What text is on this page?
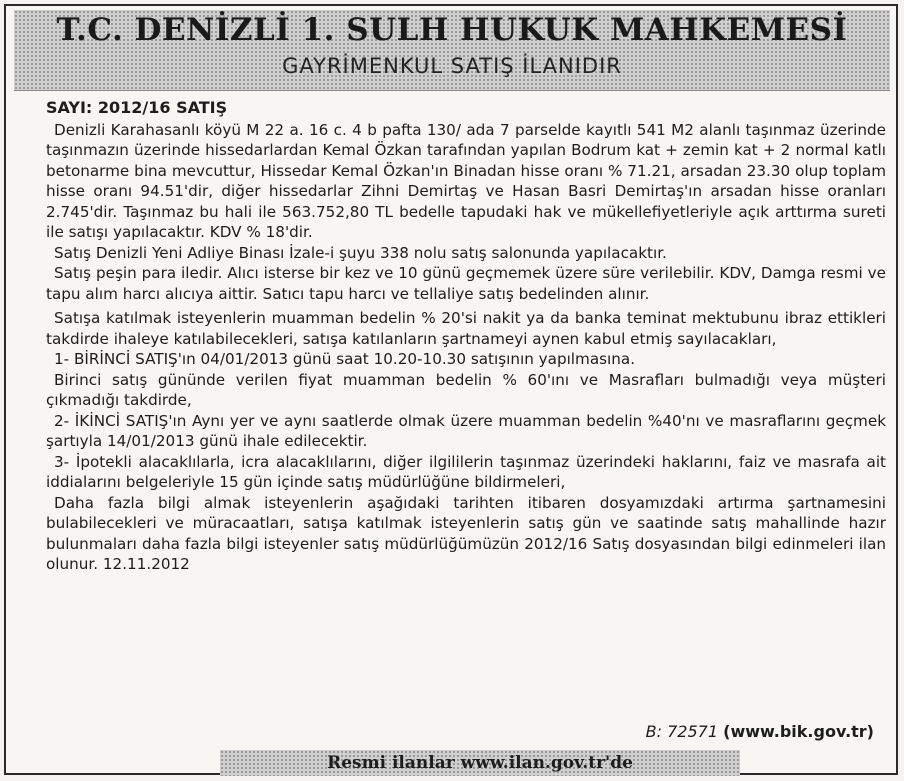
T.C. DENİZLİ 1. SULH HUKUK MAHKEMESİ
GAYRİMENKUL SATIŞ İLANIDIR
SAYI: 2012/16 SATIŞ

Denizli Karahasanlı köyü M 22 a. 16 c. 4 b pafta 130/ ada 7 parselde kayıtlı 541 M2 alanlı taşınmaz üzerinde taşınmazın üzerinde hissedarlardan Kemal Özkan tarafından yapılan Bodrum kat + zemin kat + 2 normal katlı betonarme bina mevcuttur, Hissedar Kemal Özkan'ın Binadan hisse oranı % 71.21, arsadan 23.30 olup toplam hisse oranı 94.51'dir, diğer hissedarlar Zihni Demirtaş ve Hasan Basri Demirtaş'ın arsadan hisse oranları 2.745'dir. Taşınmaz bu hali ile 563.752,80 TL bedelle tapudaki hak ve mükellefiyetleriyle açık arttırma sureti ile satışı yapılacaktır. KDV % 18'dir.

Satış Denizli Yeni Adliye Binası İzale-i şuyu 338 nolu satış salonunda yapılacaktır.

Satış peşin para iledir. Alıcı isterse bir kez ve 10 günü geçmemek üzere süre verilebilir. KDV, Damga resmi ve tapu alım harcı alıcıya aittir. Satıcı tapu harcı ve tellaliye satış bedelinden alınır.

Satışa katılmak isteyenlerin muamman bedelin % 20'si nakit ya da banka teminat mektubunu ibraz ettikleri takdirde ihaleye katılabilecekleri, satışa katılanların şartnameyi aynen kabul etmiş sayılacakları,

1- BİRİNCİ SATIŞ'ın 04/01/2013 günü saat 10.20-10.30 satışının yapılmasına.

Birinci satış gününde verilen fiyat muamman bedelin % 60'ını ve Masrafları bulmadığı veya müşteri çıkmadığı takdirde,

2- İKİNCİ SATIŞ'ın Aynı yer ve aynı saatlerde olmak üzere muamman bedelin %40'nı ve masraflarını geçmek şartıyla 14/01/2013 günü ihale edilecektir.

3- İpotekli alacaklılarla, icra alacaklılarını, diğer ilgililerin taşınmaz üzerindeki haklarını, faiz ve masrafa ait iddialarını belgeleriyle 15 gün içinde satış müdürlüğüne bildirmeleri,

Daha fazla bilgi almak isteyenlerin aşağıdaki tarihten itibaren dosyamızdaki artırma şartnamesini bulabilecekleri ve müracaatları, satışa katılmak isteyenlerin satış gün ve saatinde satış mahallinde hazır bulunmaları daha fazla bilgi isteyenler satış müdürlüğümüzün 2012/16 Satış dosyasından bilgi edinmeleri ilan olunur. 12.11.2012

B: 72571 (www.bik.gov.tr)
Resmi ilanlar www.ilan.gov.tr'de
